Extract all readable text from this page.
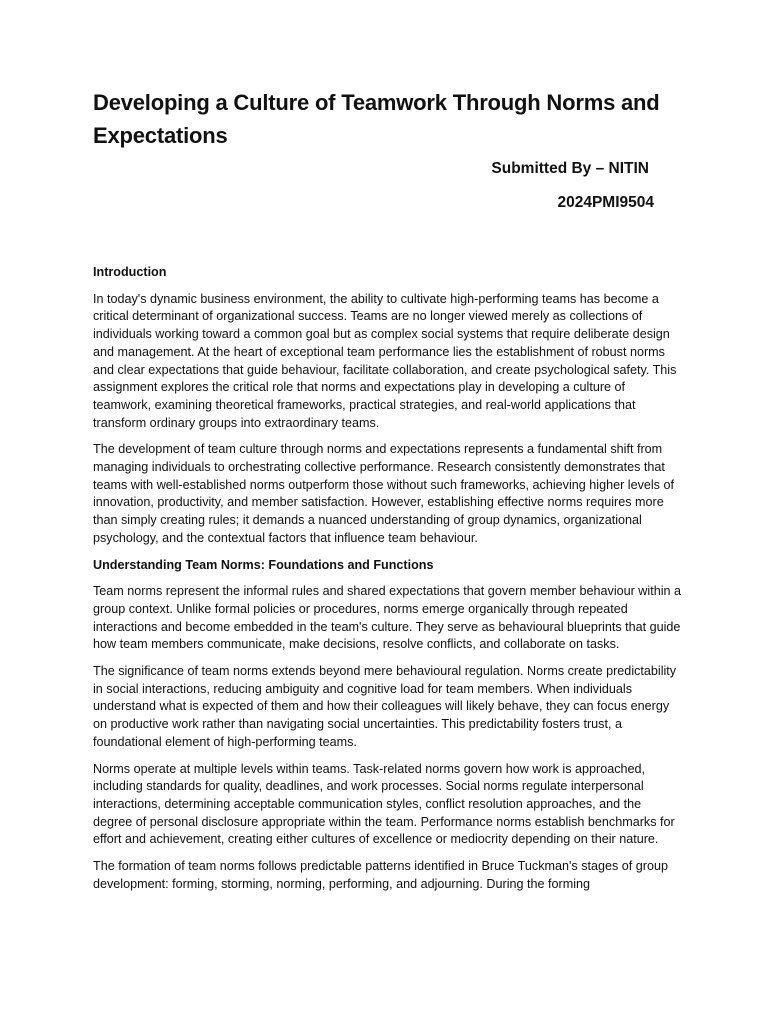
Developing a Culture of Teamwork Through Norms and Expectations

Submitted By – NITIN

2024PMI9504

Introduction

In today's dynamic business environment, the ability to cultivate high-performing teams has become a critical determinant of organizational success. Teams are no longer viewed merely as collections of individuals working toward a common goal but as complex social systems that require deliberate design and management. At the heart of exceptional team performance lies the establishment of robust norms and clear expectations that guide behaviour, facilitate collaboration, and create psychological safety. This assignment explores the critical role that norms and expectations play in developing a culture of teamwork, examining theoretical frameworks, practical strategies, and real-world applications that transform ordinary groups into extraordinary teams.

The development of team culture through norms and expectations represents a fundamental shift from managing individuals to orchestrating collective performance. Research consistently demonstrates that teams with well-established norms outperform those without such frameworks, achieving higher levels of innovation, productivity, and member satisfaction. However, establishing effective norms requires more than simply creating rules; it demands a nuanced understanding of group dynamics, organizational psychology, and the contextual factors that influence team behaviour.

Understanding Team Norms: Foundations and Functions

Team norms represent the informal rules and shared expectations that govern member behaviour within a group context. Unlike formal policies or procedures, norms emerge organically through repeated interactions and become embedded in the team's culture. They serve as behavioural blueprints that guide how team members communicate, make decisions, resolve conflicts, and collaborate on tasks.

The significance of team norms extends beyond mere behavioural regulation. Norms create predictability in social interactions, reducing ambiguity and cognitive load for team members. When individuals understand what is expected of them and how their colleagues will likely behave, they can focus energy on productive work rather than navigating social uncertainties. This predictability fosters trust, a foundational element of high-performing teams.

Norms operate at multiple levels within teams. Task-related norms govern how work is approached, including standards for quality, deadlines, and work processes. Social norms regulate interpersonal interactions, determining acceptable communication styles, conflict resolution approaches, and the degree of personal disclosure appropriate within the team. Performance norms establish benchmarks for effort and achievement, creating either cultures of excellence or mediocrity depending on their nature.

The formation of team norms follows predictable patterns identified in Bruce Tuckman's stages of group development: forming, storming, norming, performing, and adjourning. During the forming
